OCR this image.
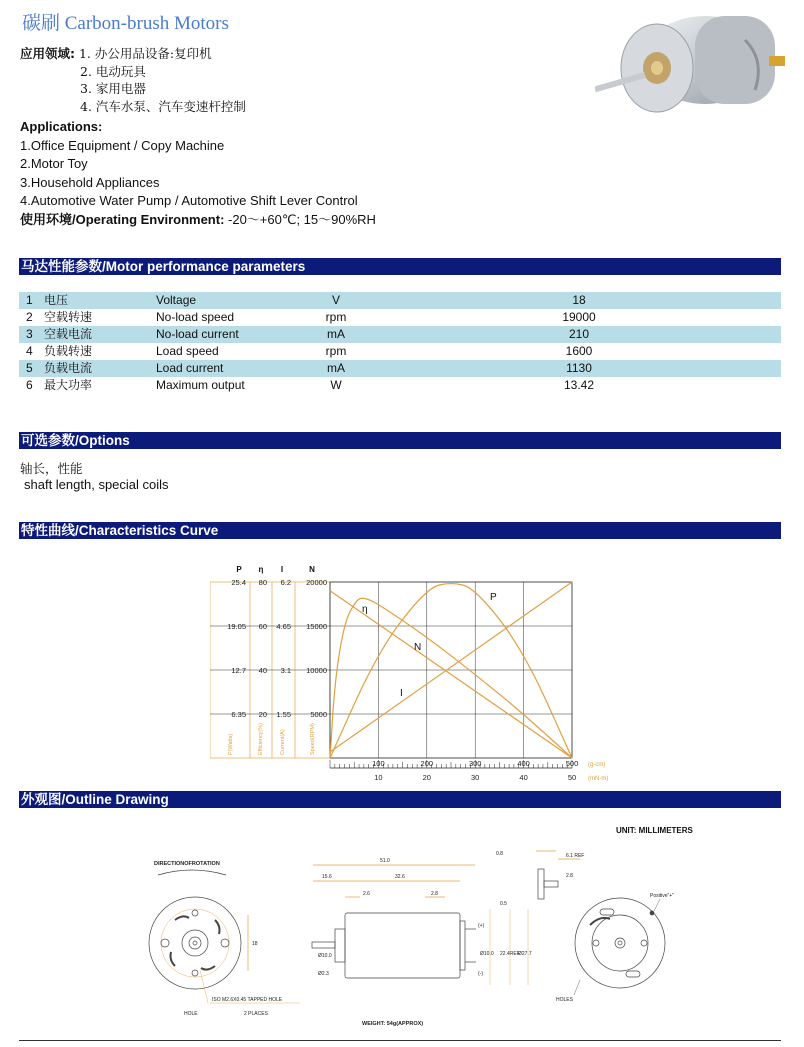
碳刷 Carbon-brush Motors
应用领域: 1. 办公用品设备:复印机
2. 电动玩具
3. 家用电器
4. 汽车水泵、汽车变速杆控制
Applications:
1.Office Equipment / Copy Machine
2.Motor Toy
3.Household Appliances
4.Automotive Water Pump / Automotive Shift Lever Control
使用环境/Operating Environment: -20～+60℃; 15～90%RH
马达性能参数/Motor performance parameters
1 电压	Voltage	V	18
2 空载转速	No-load speed	rpm	19000
3 空载电流	No-load current	mA	210
4 负载转速	Load speed	rpm	1600
5 负载电流	Load current	mA	1130
6 最大功率	Maximum output	W	13.42
可选参数/Options
轴长，性能
shaft length, special coils
特性曲线/Characteristics Curve
P η I	N
25.4
19.05
12.7
6.35
80
60
40
20
6.2
4.65
3.1
1.55
20000
15000
10000
5000
P(Watts)	Efficiency(%)	Current(A)	Speed(RPM)
100	200	300	400	500
10	20	30	40	50
(g-cm)
(mN-m)
P
η
N
I
外观图/Outline Drawing
UNIT: MILLIMETERS
DIRECTIONOFROTATION
18
ISO M2.6X0.45 TAPPED HOLE
2 PLACES
HOLE
51.0
15.6	32.6
2.6	2.8
0.8	6.1 REF
2.8
0.5
Ø10.0
Ø2.3
Ø10.0 22.4REF
Ø27.7
(+)
(-)
Positive"+"
HOLES
WEIGHT: 54g(APPROX)
